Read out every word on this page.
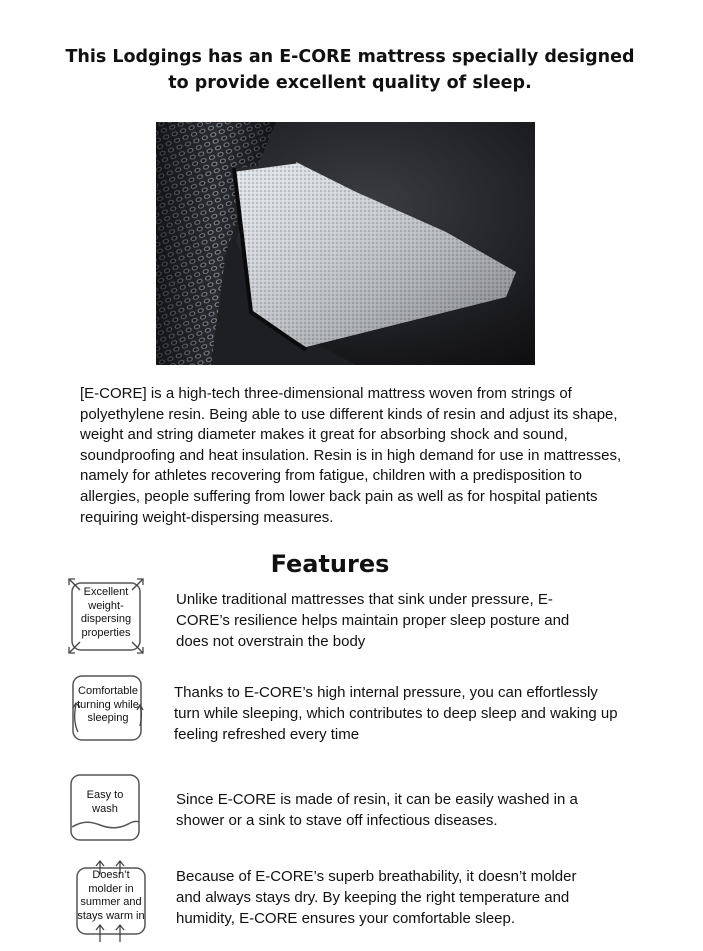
This Lodgings has an E-CORE mattress specially designed to provide excellent quality of sleep.
[E-CORE] is a high-tech three-dimensional mattress woven from strings of polyethylene resin. Being able to use different kinds of resin and adjust its shape, weight and string diameter makes it great for absorbing shock and sound, soundproofing and heat insulation. Resin is in high demand for use in mattresses, namely for athletes recovering from fatigue, children with a predisposition to allergies, people suffering from lower back pain as well as for hospital patients requiring weight-dispersing measures.
Features
Excellent weight-dispersing properties
Unlike traditional mattresses that sink under pressure, E-CORE’s resilience helps maintain proper sleep posture and does not overstrain the body
Comfortable turning while sleeping
Thanks to E-CORE’s high internal pressure, you can effortlessly turn while sleeping, which contributes to deep sleep and waking up feeling refreshed every time
Easy to wash
Since E-CORE is made of resin, it can be easily washed in a shower or a sink to stave off infectious diseases.
Doesn’t molder in summer and stays warm in
Because of E-CORE’s superb breathability, it doesn’t molder and always stays dry. By keeping the right temperature and humidity, E-CORE ensures your comfortable sleep.
